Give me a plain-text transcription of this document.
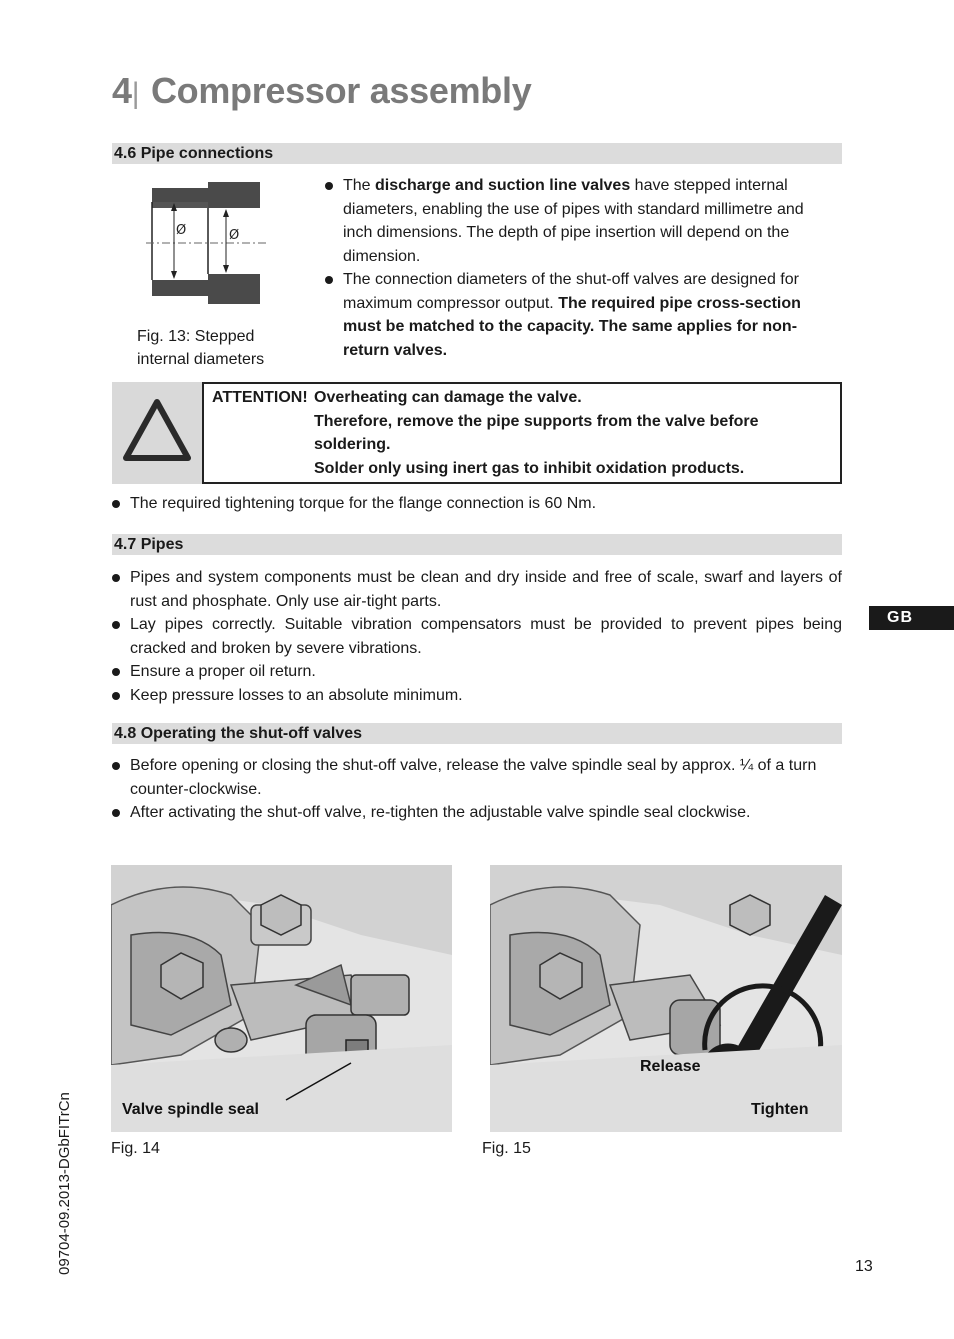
4| Compressor assembly
4.6 Pipe connections
Ø	Ø
Fig. 13: Stepped
internal diameters
The discharge and suction line valves have stepped internal diameters, enabling the use of pipes with standard millimetre and inch dimensions. The depth of pipe insertion will depend on the dimension.
The connection diameters of the shut-off valves are designed for maximum compressor output. The required pipe cross-section must be matched to the capacity. The same applies for non-return valves.
ATTENTION! Overheating can damage the valve.
Therefore, remove the pipe supports from the valve before soldering.
Solder only using inert gas to inhibit oxidation products.
The required tightening torque for the flange connection is 60 Nm.
4.7 Pipes
Pipes and system components must be clean and dry inside and free of scale, swarf and layers of rust and phosphate. Only use air-tight parts.
Lay pipes correctly. Suitable vibration compensators must be provided to prevent pipes being cracked and broken by severe vibrations.
Ensure a proper oil return.
Keep pressure losses to an absolute minimum.
4.8 Operating the shut-off valves
Before opening or closing the shut-off valve, release the valve spindle seal by approx. ¼ of a turn counter-clockwise.
After activating the shut-off valve, re-tighten the adjustable valve spindle seal clockwise.
GB
Valve spindle seal
Fig. 14
Release
Tighten
Fig. 15
09704-09.2013-DGbFITrCn	13
